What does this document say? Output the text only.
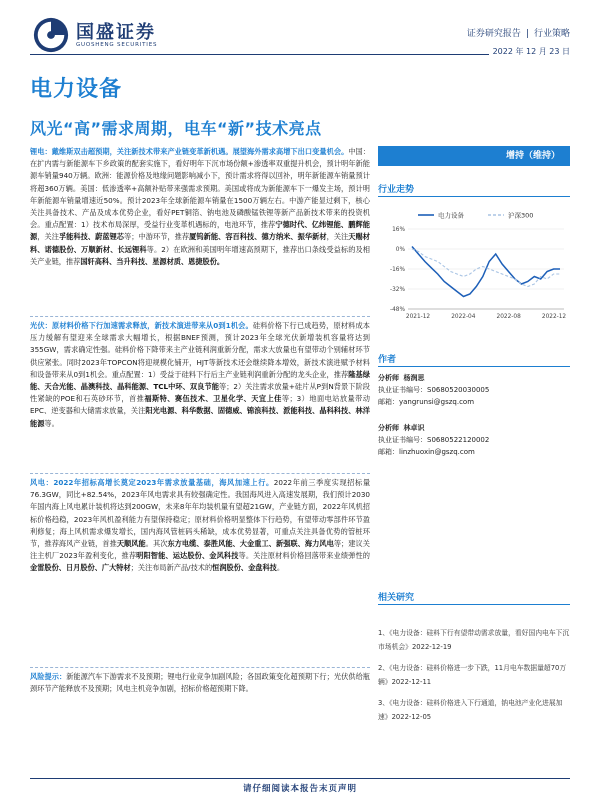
国盛证券
GUOSHENG SECURITIES
证券研究报告 | 行业策略
2022 年 12 月 23 日
电力设备
风光“高”需求周期，电车“新”技术亮点
锂电：戴维斯双击超预期，关注新技术带来产业链变革新机遇。展望海外需求高增下出口变量机会。中国：在扩内需与新能源车下乡政策的配套实施下，看好明年下沉市场份额+渗透率双重提升机会，预计明年新能源车销量940万辆。欧洲：能源价格及地缘问题影响减小下，预计需求将得以回补，明年新能源车销量预计将超360万辆。美国：低渗透率+高额补贴带来强需求预期。美国或将成为新能源车下一爆发主场，预计明年新能源车销量增速近50%。预计2023年全球新能源车销量在1500万辆左右。中游产能显过剩下，核心关注具备技术、产品及成本优势企业，看好PET铜箔、钠电池及磷酸锰铁锂等新产品新技术带来的投资机会。重点配置：1）技术布局深厚，受益行业变革机遇标的，电池环节，推荐宁德时代、亿纬锂能、鹏辉能源，关注孚能科技、蔚蓝锂芯等；中游环节，推荐厦钨新能、容百科技、德方纳米、振华新材，关注天赐材料、诺德股份、万顺新材、长远锂科等。2）在欧洲和美国明年增速高预期下，推荐出口条线受益标的及相关产业链，推荐国轩高科、当升科技、星源材质、恩捷股份。
光伏：原材料价格下行加速需求释放，新技术演进带来从0到1机会。硅料价格下行已成趋势，原材料成本压力缓解有望迎来全球需求大幅增长，根据BNEF预测，预计2023年全球光伏新增装机容量将达到355GW，需求确定性强。硅料价格下降带来主产业链利润重新分配，需求大放量也有望带动个别辅材环节供应紧张。同时2023年TOPCON将迎规模化铺开，HJT等新技术还会继续降本增效，新技术演进赋予材料和设备带来从0到1机会。重点配置：1）受益于硅料下行后主产业链利润重新分配的龙头企业，推荐隆基绿能、天合光能、晶澳科技、晶科能源、TCL中环、双良节能等；2）关注需求放量+硅片从P到N背景下阶段性紧缺的POE和石英砂环节，首推福斯特、赛伍技术、卫星化学、天宜上佳等；3）地面电站放量带动EPC、逆变器和大储需求放量，关注阳光电源、科华数据、固德威、锦浪科技、派能科技、晶科科技、林洋能源等。
风电：2022年招标高增长奠定2023年需求放量基础，海风加速上行。2022年前三季度实现招标量76.3GW，同比+82.54%，2023年风电需求具有较强确定性。我国海风进入高速发展期，我们预计2030年国内海上风电累计装机将达到200GW，未来8年年均装机量有望超21GW，产业链方面，2022年风机招标价格趋稳，2023年风机盈利能力有望保持稳定；原材料价格明显整体下行趋势，有望带动零部件环节盈利修复；海上风机需求爆发增长，国内海风管桩码头稀缺，成本优势显著，可重点关注具备优势的管桩环节，推荐海风产业链，首推天顺风能。其次东方电缆、泰胜风能、大金重工、新强联、海力风电等；建议关注主机厂2023年盈利变化，推荐明阳智能、运达股份、金风科技等。关注原材料价格回落带来业绩弹性的金雷股份、日月股份、广大特材；关注布局新产品/技术的恒润股份、金盘科技。
风险提示：新能源汽车下游需求不及预期；锂电行业竞争加剧风险；各国政策变化超预期下行；光伏供给瓶颈环节产能释放不及预期；风电主机竞争加剧，招标价格超预期下降。
增持（维持）
行业走势
电力设备	沪深300
16%
0%
-16%
-32%
-48%
2021-12	2022-04	2022-08	2022-12
作者
分析师 杨润思
执业证书编号：S0680520030005
邮箱：yangrunsi@gszq.com
分析师 林卓识
执业证书编号：S0680522120002
邮箱：linzhuoxin@gszq.com
相关研究
1、《电力设备：硅料下行有望带动需求放量，看好国内电车下沉市场机会》2022-12-19
2、《电力设备：硅料价格进一步下跌，11月电车数据量超70万辆》2022-12-11
3、《电力设备：硅料价格进入下行通道，钠电池产业化进展加速》2022-12-05
请仔细阅读本报告末页声明
